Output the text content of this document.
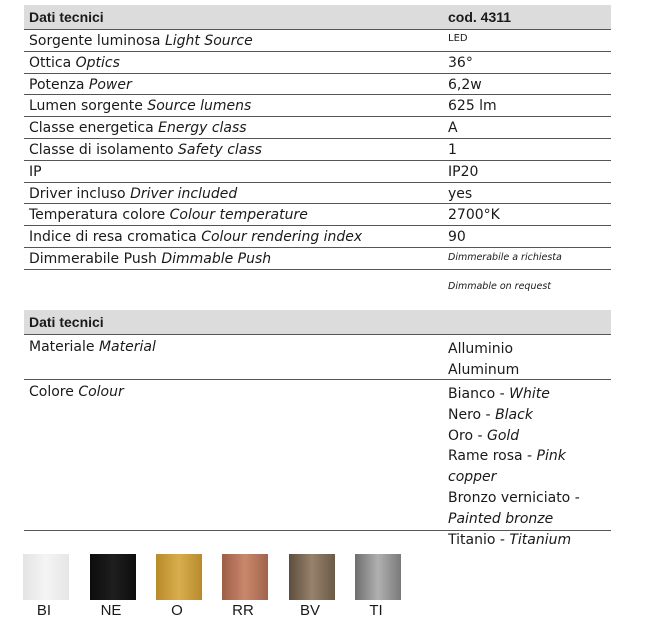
Dati tecnici	cod. 4311
Sorgente luminosa Light Source	LED
Ottica Optics	36°
Potenza Power	6,2w
Lumen sorgente Source lumens	625 lm
Classe energetica Energy class	A
Classe di isolamento Safety class	1
IP	IP20
Driver incluso Driver included	yes
Temperatura colore Colour temperature	2700°K
Indice di resa cromatica Colour rendering index	90
Dimmerabile Push Dimmable Push	Dimmerabile a richiesta
Dimmable on request
Dati tecnici
Materiale Material	Alluminio
Aluminum
Colore Colour	Bianco - White
Nero - Black
Oro - Gold
Rame rosa - Pink copper
Bronzo verniciato -
Painted bronze
Titanio - Titanium
BI	NE	O	RR	BV	TI
